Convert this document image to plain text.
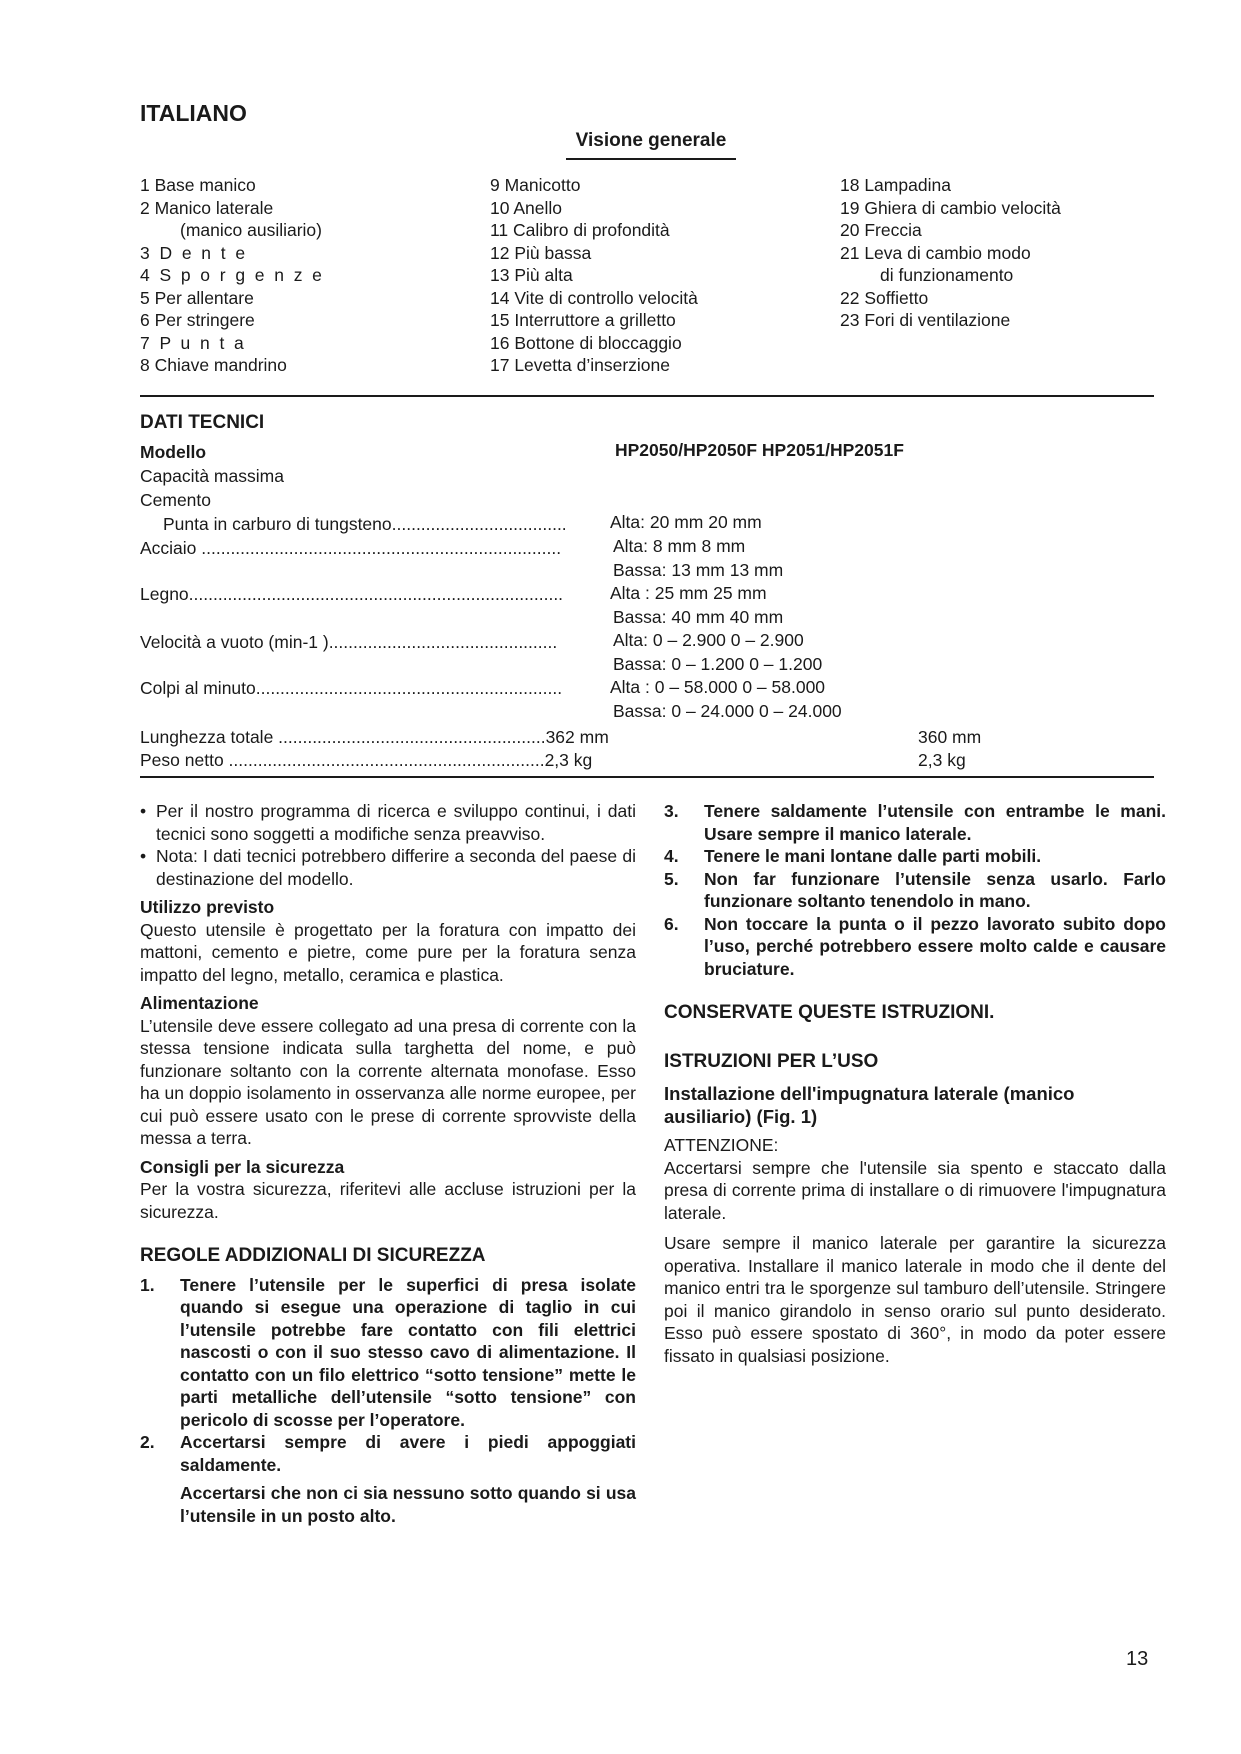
ITALIANO
Visione generale
1 Base manico
2 Manico laterale
(manico ausiliario)
3  D  e  n  t  e
4  S  p  o  r  g  e  n  z  e
5 Per allentare
6 Per stringere
7  P  u  n  t  a
8 Chiave mandrino
9 Manicotto
10 Anello
11 Calibro di profondità
12 Più bassa
13 Più alta
14 Vite di controllo velocità
15 Interruttore a grilletto
16 Bottone di bloccaggio
17 Levetta d’inserzione
18 Lampadina
19 Ghiera di cambio velocità
20 Freccia
21 Leva di cambio modo
di funzionamento
22 Soffietto
23 Fori di ventilazione
DATI TECNICI
Modello	HP2050/HP2050F HP2051/HP2051F
Capacità massima
Cemento
Punta in carburo di tungsteno.................................... Alta: 20 mm 20 mm
Acciaio ..........................................................................	Alta: 8 mm 8 mm
Bassa: 13 mm 13 mm
Legno.............................................................................	Alta : 25 mm 25 mm
Bassa: 40 mm 40 mm
Velocità a vuoto (min-1 )...............................................	Alta: 0 – 2.900 0 – 2.900
Bassa: 0 – 1.200 0 – 1.200
Colpi al minuto...............................................................	Alta : 0 – 58.000 0 – 58.000
Bassa: 0 – 24.000 0 – 24.000
Lunghezza totale .......................................................362 mm	360 mm
Peso netto .................................................................2,3 kg	2,3 kg
• Per il nostro programma di ricerca e sviluppo continui, i dati tecnici sono soggetti a modifiche senza preavviso.
• Nota: I dati tecnici potrebbero differire a seconda del paese di destinazione del modello.
Utilizzo previsto
Questo utensile è progettato per la foratura con impatto dei mattoni, cemento e pietre, come pure per la foratura senza impatto del legno, metallo, ceramica e plastica.
Alimentazione
L’utensile deve essere collegato ad una presa di corrente con la stessa tensione indicata sulla targhetta del nome, e può funzionare soltanto con la corrente alternata monofase. Esso ha un doppio isolamento in osservanza alle norme europee, per cui può essere usato con le prese di corrente sprovviste della messa a terra.
Consigli per la sicurezza
Per la vostra sicurezza, riferitevi alle accluse istruzioni per la sicurezza.
REGOLE ADDIZIONALI DI SICUREZZA
1.	Tenere l’utensile per le superfici di presa isolate quando si esegue una operazione di taglio in cui l’utensile potrebbe fare contatto con fili elettrici nascosti o con il suo stesso cavo di alimentazione. Il contatto con un filo elettrico “sotto tensione” mette le parti metalliche dell’utensile “sotto tensione” con pericolo di scosse per l’operatore.
2.	Accertarsi sempre di avere i piedi appoggiati saldamente.
Accertarsi che non ci sia nessuno sotto quando si usa l’utensile in un posto alto.
3.	Tenere saldamente l’utensile con entrambe le mani. Usare sempre il manico laterale.
4.	Tenere le mani lontane dalle parti mobili.
5.	Non far funzionare l’utensile senza usarlo. Farlo funzionare soltanto tenendolo in mano.
6.	Non toccare la punta o il pezzo lavorato subito dopo l’uso, perché potrebbero essere molto calde e causare bruciature.
CONSERVATE QUESTE ISTRUZIONI.
ISTRUZIONI PER L’USO
Installazione dell'impugnatura laterale (manico ausiliario) (Fig. 1)
ATTENZIONE:
Accertarsi sempre che l'utensile sia spento e staccato dalla presa di corrente prima di installare o di rimuovere l'impugnatura laterale.
Usare sempre il manico laterale per garantire la sicurezza operativa. Installare il manico laterale in modo che il dente del manico entri tra le sporgenze sul tamburo dell’utensile. Stringere poi il manico girandolo in senso orario sul punto desiderato. Esso può essere spostato di 360°, in modo da poter essere fissato in qualsiasi posizione.
13
